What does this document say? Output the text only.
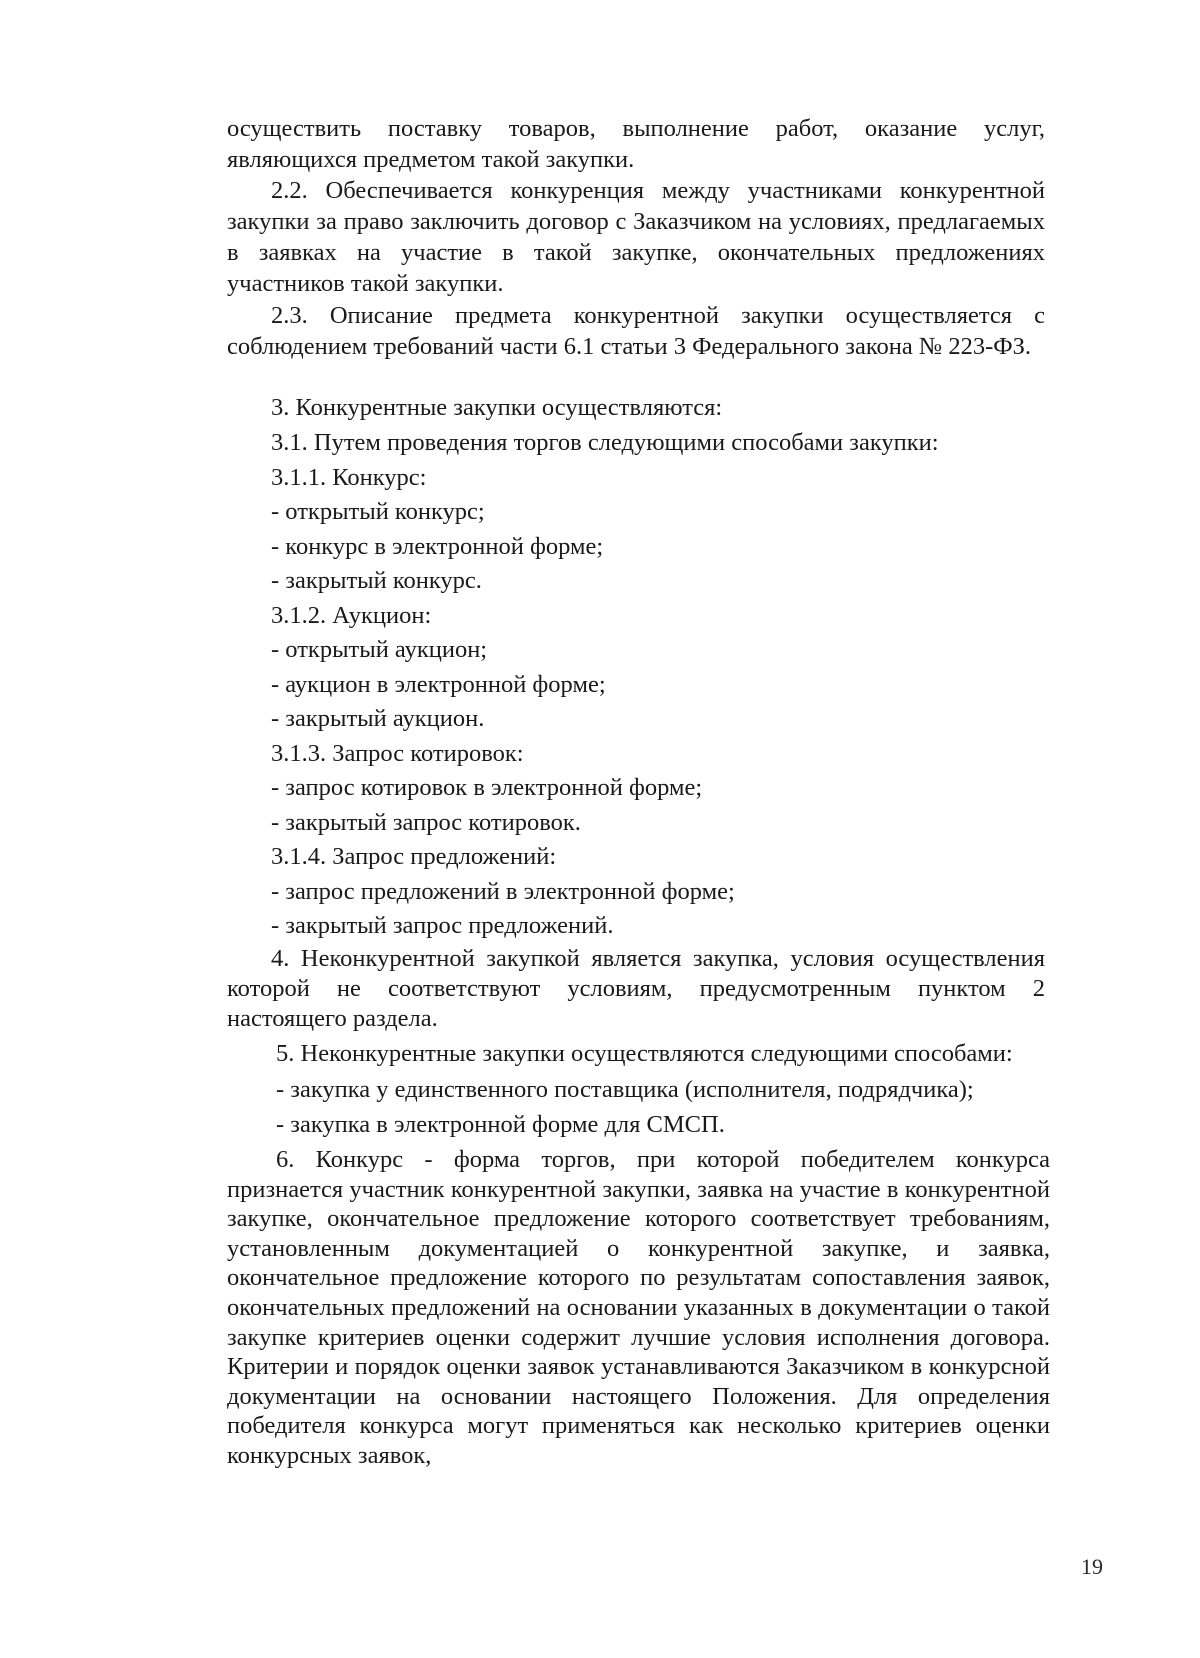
осуществить поставку товаров, выполнение работ, оказание услуг, являющихся предметом такой закупки.

2.2. Обеспечивается конкуренция между участниками конкурентной закупки за право заключить договор с Заказчиком на условиях, предлагаемых в заявках на участие в такой закупке, окончательных предложениях участников такой закупки.

2.3. Описание предмета конкурентной закупки осуществляется с соблюдением требований части 6.1 статьи 3 Федерального закона № 223-ФЗ.

3. Конкурентные закупки осуществляются:

3.1. Путем проведения торгов следующими способами закупки:

3.1.1. Конкурс:

- открытый конкурс;

- конкурс в электронной форме;

- закрытый конкурс.

3.1.2. Аукцион:

- открытый аукцион;

- аукцион в электронной форме;

- закрытый аукцион.

3.1.3. Запрос котировок:

- запрос котировок в электронной форме;

- закрытый запрос котировок.

3.1.4. Запрос предложений:

- запрос предложений в электронной форме;

- закрытый запрос предложений.

4. Неконкурентной закупкой является закупка, условия осуществления которой не соответствуют условиям, предусмотренным пунктом 2 настоящего раздела.

5. Неконкурентные закупки осуществляются следующими способами:

- закупка у единственного поставщика (исполнителя, подрядчика);

- закупка в электронной форме для СМСП.

6. Конкурс - форма торгов, при которой победителем конкурса признается участник конкурентной закупки, заявка на участие в конкурентной закупке, окончательное предложение которого соответствует требованиям, установленным документацией о конкурентной закупке, и заявка, окончательное предложение которого по результатам сопоставления заявок, окончательных предложений на основании указанных в документации о такой закупке критериев оценки содержит лучшие условия исполнения договора. Критерии и порядок оценки заявок устанавливаются Заказчиком в конкурсной документации на основании настоящего Положения. Для определения победителя конкурса могут применяться как несколько критериев оценки конкурсных заявок,

19
